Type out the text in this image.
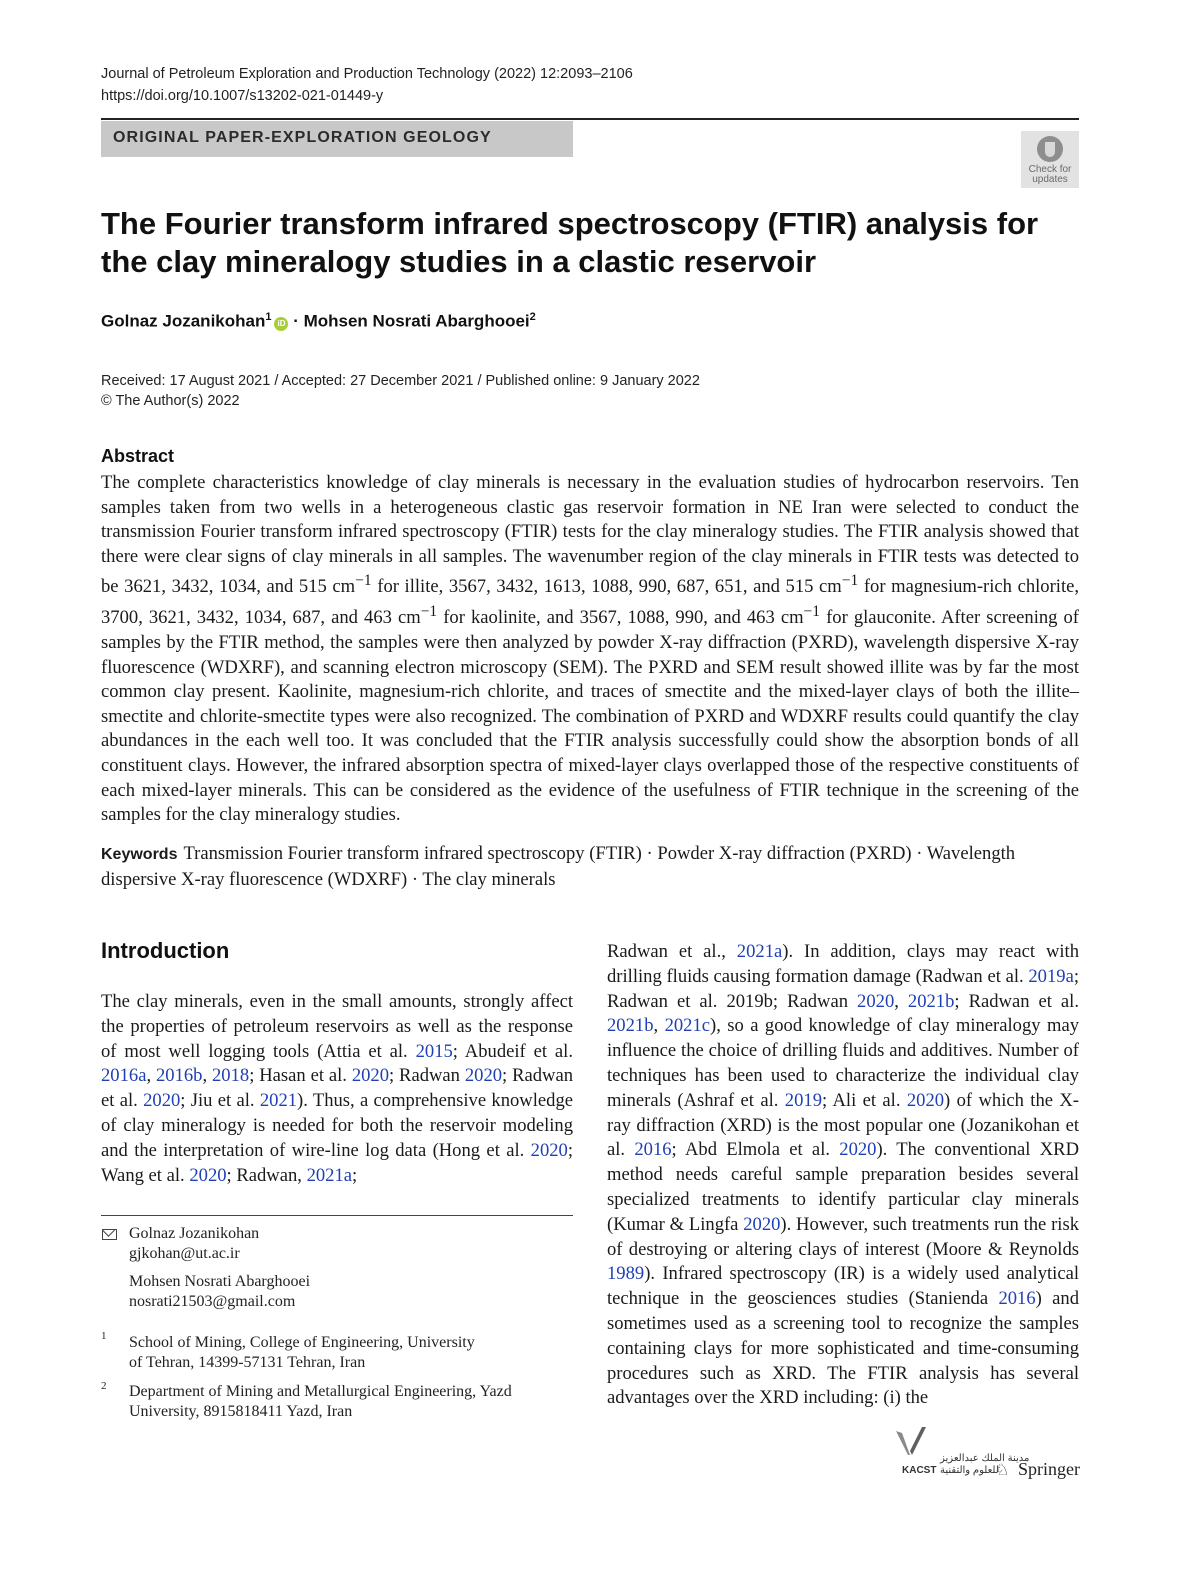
Journal of Petroleum Exploration and Production Technology (2022) 12:2093–2106
https://doi.org/10.1007/s13202-021-01449-y
ORIGINAL PAPER-EXPLORATION GEOLOGY
Check for
updates
The Fourier transform infrared spectroscopy (FTIR) analysis for the clay mineralogy studies in a clastic reservoir
Golnaz Jozanikohan$^1$iD · Mohsen Nosrati Abarghooei$^2$
Received: 17 August 2021 / Accepted: 27 December 2021 / Published online: 9 January 2022
© The Author(s) 2022
Abstract

The complete characteristics knowledge of clay minerals is necessary in the evaluation studies of hydrocarbon reservoirs. Ten samples taken from two wells in a heterogeneous clastic gas reservoir formation in NE Iran were selected to conduct the transmission Fourier transform infrared spectroscopy (FTIR) tests for the clay mineralogy studies. The FTIR analysis showed that there were clear signs of clay minerals in all samples. The wavenumber region of the clay minerals in FTIR tests was detected to be 3621, 3432, 1034, and 515 $cm^{-1}$ for illite, 3567, 3432, 1613, 1088, 990, 687, 651, and 515 $cm^{-1}$ for magnesium-rich chlorite, 3700, 3621, 3432, 1034, 687, and 463 $cm^{-1}$ for kaolinite, and 3567, 1088, 990, and 463 $cm^{-1}$ for glauconite. After screening of samples by the FTIR method, the samples were then analyzed by powder X-ray diffraction (PXRD), wavelength dispersive X-ray fluorescence (WDXRF), and scanning electron microscopy (SEM). The PXRD and SEM result showed illite was by far the most common clay present. Kaolinite, magnesium-rich chlorite, and traces of smectite and the mixed-layer clays of both the illite–smectite and chlorite-smectite types were also recognized. The combination of PXRD and WDXRF results could quantify the clay abundances in the each well too. It was concluded that the FTIR analysis successfully could show the absorption bonds of all constituent clays. However, the infrared absorption spectra of mixed-layer clays overlapped those of the respective constituents of each mixed-layer minerals. This can be considered as the evidence of the usefulness of FTIR technique in the screening of the samples for the clay mineralogy studies.

Keywords Transmission Fourier transform infrared spectroscopy (FTIR) · Powder X-ray diffraction (PXRD) · Wavelength dispersive X-ray fluorescence (WDXRF) · The clay minerals

Introduction

The clay minerals, even in the small amounts, strongly affect the properties of petroleum reservoirs as well as the response of most well logging tools (Attia et al. 2015; Abudeif et al. 2016a, 2016b, 2018; Hasan et al. 2020; Radwan 2020; Radwan et al. 2020; Jiu et al. 2021). Thus, a comprehensive knowledge of clay mineralogy is needed for both the reservoir modeling and the interpretation of wire-line log data (Hong et al. 2020; Wang et al. 2020; Radwan, 2021a;

Radwan et al., 2021a). In addition, clays may react with drilling fluids causing formation damage (Radwan et al. 2019a; Radwan et al. 2019b; Radwan 2020, 2021b; Radwan et al. 2021b, 2021c), so a good knowledge of clay mineralogy may influence the choice of drilling fluids and additives. Number of techniques has been used to characterize the individual clay minerals (Ashraf et al. 2019; Ali et al. 2020) of which the X-ray diffraction (XRD) is the most popular one (Jozanikohan et al. 2016; Abd Elmola et al. 2020). The conventional XRD method needs careful sample preparation besides several specialized treatments to identify particular clay minerals (Kumar & Lingfa 2020). However, such treatments run the risk of destroying or altering clays of interest (Moore & Reynolds 1989). Infrared spectroscopy (IR) is a widely used analytical technique in the geosciences studies (Stanienda 2016) and sometimes used as a screening tool to recognize the samples containing clays for more sophisticated and time-consuming procedures such as XRD. The FTIR analysis has several advantages over the XRD including: (i) the

Golnaz Jozanikohan
gjkohan@ut.ac.ir
Mohsen Nosrati Abarghooei
nosrati21503@gmail.com
1 School of Mining, College of Engineering, University
of Tehran, 14399-57131 Tehran, Iran
2 Department of Mining and Metallurgical Engineering, Yazd
University, 8915818411 Yazd, Iran
مدينة الملك عبدالعزيز
KACST للعلوم والتقنية
♘ Springer
